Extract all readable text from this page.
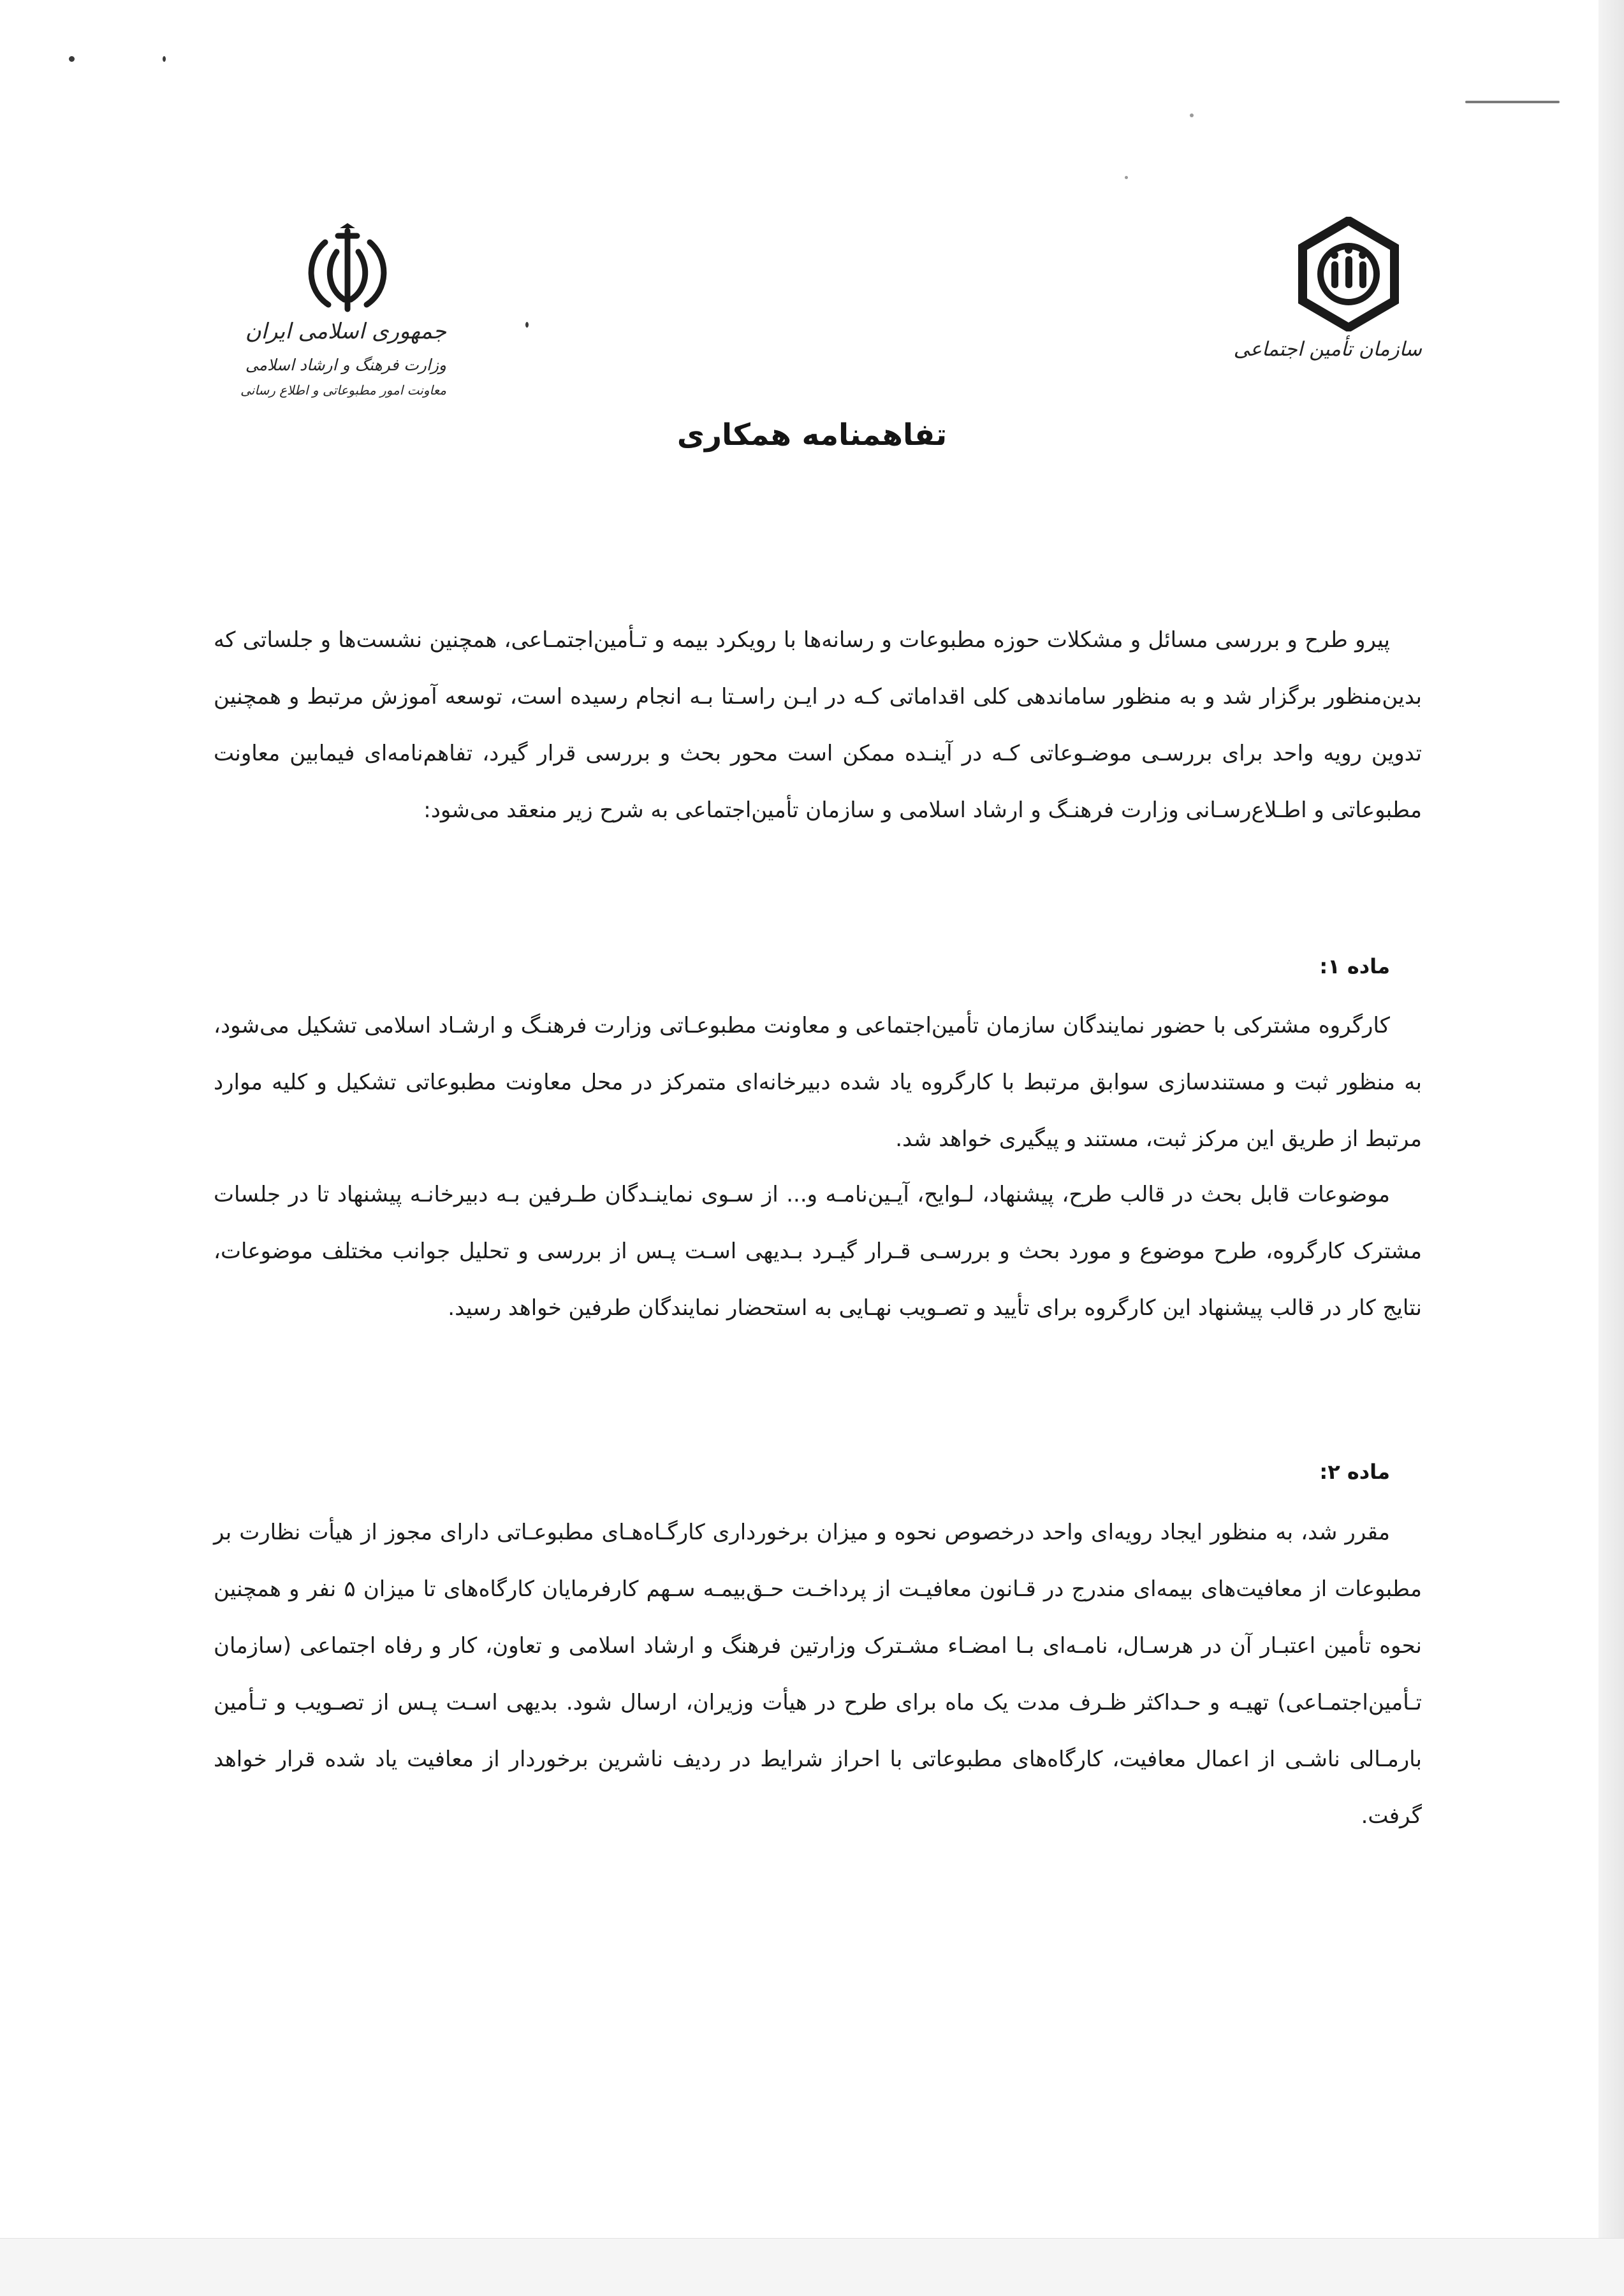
جمهوری اسلامی ایران
وزارت فرهنگ و ارشاد اسلامی
معاونت امور مطبوعاتی و اطلاع رسانی
سازمان تأمین اجتماعی
تفاهمنامه همکاری

پیرو طرح و بررسی مسائل و مشکلات حوزه مطبوعات و رسانه‌ها با رویکرد بیمه و تـأمین‌اجتمـاعی، همچنین نشست‌ها و جلساتی که بدین‌منظور برگزار شد و به منظور ساماندهی کلی اقداماتی کـه در ایـن راسـتا بـه انجام رسیده است، توسعه آموزش مرتبط و همچنین تدوین رویه واحد برای بررسـی موضـوعاتی کـه در آینـده ممکن است محور بحث و بررسی قرار گیرد، تفاهم‌نامه‌ای فیمابین معاونت مطبوعاتی و اطـلاع‌رسـانی وزارت فرهنـگ و ارشاد اسلامی و سازمان تأمین‌اجتماعی به شرح زیر منعقد می‌شود:

ماده ۱:

کارگروه مشترکی با حضور نمایندگان سازمان تأمین‌اجتماعی و معاونت مطبوعـاتی وزارت فرهنـگ و ارشـاد اسلامی تشکیل می‌شود، به منظور ثبت و مستندسازی سوابق مرتبط با کارگروه یاد شده دبیرخانه‌ای متمرکز در محل معاونت مطبوعاتی تشکیل و کلیه موارد مرتبط از طریق این مرکز ثبت، مستند و پیگیری خواهد شد.

موضوعات قابل بحث در قالب طرح، پیشنهاد، لـوایح، آیـین‌نامـه و... از سـوی نماینـدگان طـرفین بـه دبیرخانـه پیشنهاد تا در جلسات مشترک کارگروه، طرح موضوع و مورد بحث و بررسـی قـرار گیـرد بـدیهی اسـت پـس از بررسی و تحلیل جوانب مختلف موضوعات، نتایج کار در قالب پیشنهاد این کارگروه برای تأیید و تصـویب نهـایی به استحضار نمایندگان طرفین خواهد رسید.

ماده ۲:

مقرر شد، به منظور ایجاد رویه‌ای واحد درخصوص نحوه و میزان برخورداری کارگـاه‌هـای مطبوعـاتی دارای مجوز از هیأت نظارت بر مطبوعات از معافیت‌های بیمه‌ای مندرج در قـانون معافیـت از پرداخـت حـق‌بیمـه سـهم کارفرمایان کارگاه‌های تا میزان ۵ نفر و همچنین نحوه تأمین اعتبـار آن در هرسـال، نامـه‌ای بـا امضـاء مشـترک وزارتین فرهنگ و ارشاد اسلامی و تعاون، کار و رفاه اجتماعی (سازمان تـأمین‌اجتمـاعی) تهیـه و حـداکثر ظـرف مدت یک ماه برای طرح در هیأت وزیران، ارسال شود. بدیهی اسـت پـس از تصـویب و تـأمین بارمـالی ناشـی از اعمال معافیت، کارگاه‌های مطبوعاتی با احراز شرایط در ردیف ناشرین برخوردار از معافیت یاد شده قرار خواهد گرفت.
